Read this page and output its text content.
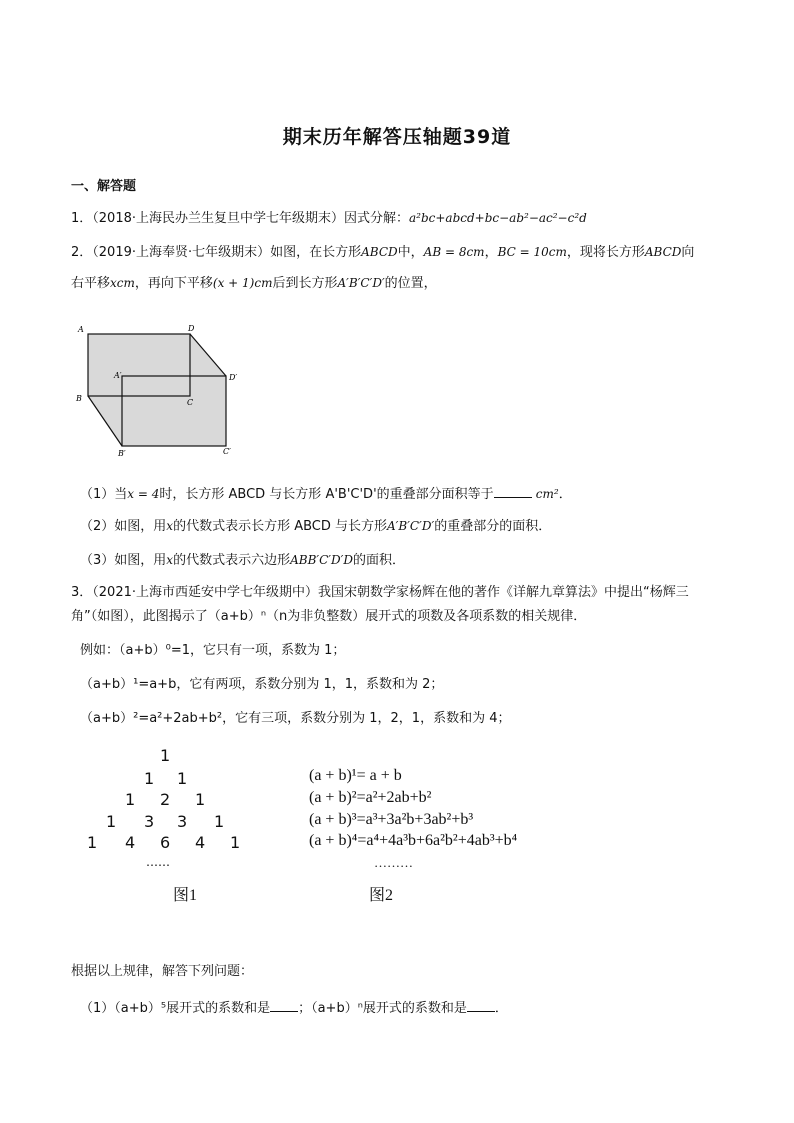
期末历年解答压轴题39道
一、解答题
1．（2018·上海民办兰生复旦中学七年级期末）因式分解：a²bc+abcd+bc−ab²−ac²−c²d
2．（2019·上海奉贤·七年级期末）如图，在长方形ABCD中，AB = 8cm，BC = 10cm，现将长方形ABCD向
右平移xcm，再向下平移(x + 1)cm后到长方形A′B′C′D′的位置，
A	D
A′	D′
B	C
B′	C′
（1）当x = 4时，长方形 ABCD 与长方形 A'B'C'D'的重叠部分面积等于	cm²．
（2）如图，用x的代数式表示长方形 ABCD 与长方形A′B′C′D′的重叠部分的面积．
（3）如图，用x的代数式表示六边形ABB′C′D′D的面积．
3．（2021·上海市西延安中学七年级期中）我国宋朝数学家杨辉在他的著作《详解九章算法》中提出“杨辉三
角”（如图），此图揭示了（a+b）ⁿ（n为非负整数）展开式的项数及各项系数的相关规律．
例如：（a+b）⁰=1，它只有一项，系数为 1；
（a+b）¹=a+b，它有两项，系数分别为 1，1，系数和为 2；
（a+b）²=a²+2ab+b²，它有三项，系数分别为 1，2，1，系数和为 4；
1
1 1
1 2 1
1 3 3 1
1 4 6 4 1
……
图1
(a + b)¹= a + b
(a + b)²=a²+2ab+b²
(a + b)³=a³+3a²b+3ab²+b³
(a + b)⁴=a⁴+4a³b+6a²b²+4ab³+b⁴
………
图2
根据以上规律，解答下列问题：
（1）（a+b）⁵展开式的系数和是 ；（a+b）ⁿ展开式的系数和是 ．
